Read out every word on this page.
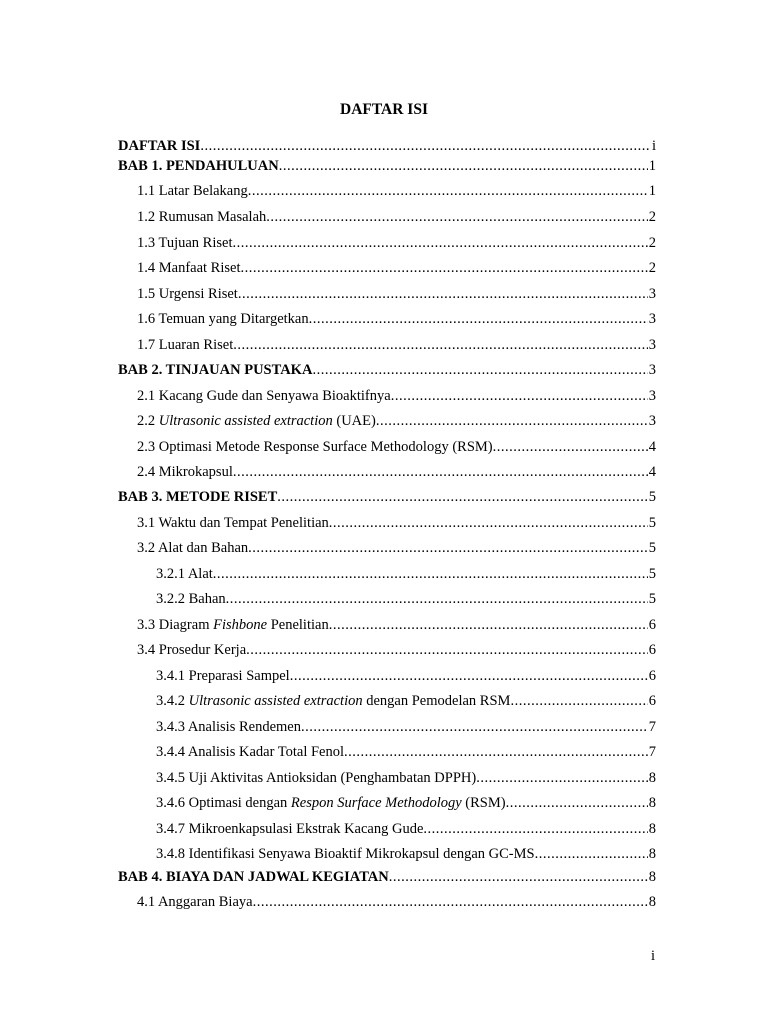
DAFTAR ISI
DAFTAR ISI .....	i
BAB 1. PENDAHULUAN .....	1
1.1 Latar Belakang .....	1
1.2 Rumusan Masalah .....	2
1.3 Tujuan Riset .....	2
1.4 Manfaat Riset .....	2
1.5 Urgensi Riset .....	3
1.6 Temuan yang Ditargetkan .....	3
1.7 Luaran Riset .....	3
BAB 2. TINJAUAN PUSTAKA .....	3
2.1 Kacang Gude dan Senyawa Bioaktifnya .....	3
2.2 Ultrasonic assisted extraction (UAE) .....	3
2.3 Optimasi Metode Response Surface Methodology (RSM) .....	4
2.4 Mikrokapsul .....	4
BAB 3. METODE RISET .....	5
3.1 Waktu dan Tempat Penelitian .....	5
3.2 Alat dan Bahan .....	5
3.2.1 Alat .....	5
3.2.2 Bahan .....	5
3.3 Diagram Fishbone Penelitian .....	6
3.4 Prosedur Kerja .....	6
3.4.1 Preparasi Sampel .....	6
3.4.2 Ultrasonic assisted extraction dengan Pemodelan RSM .....	6
3.4.3 Analisis Rendemen .....	7
3.4.4 Analisis Kadar Total Fenol .....	7
3.4.5 Uji Aktivitas Antioksidan (Penghambatan DPPH) .....	8
3.4.6 Optimasi dengan Respon Surface Methodology (RSM) .....	8
3.4.7 Mikroenkapsulasi Ekstrak Kacang Gude .....	8
3.4.8 Identifikasi Senyawa Bioaktif Mikrokapsul dengan GC-MS .....	8
BAB 4. BIAYA DAN JADWAL KEGIATAN .....	8
4.1 Anggaran Biaya .....	8
i
